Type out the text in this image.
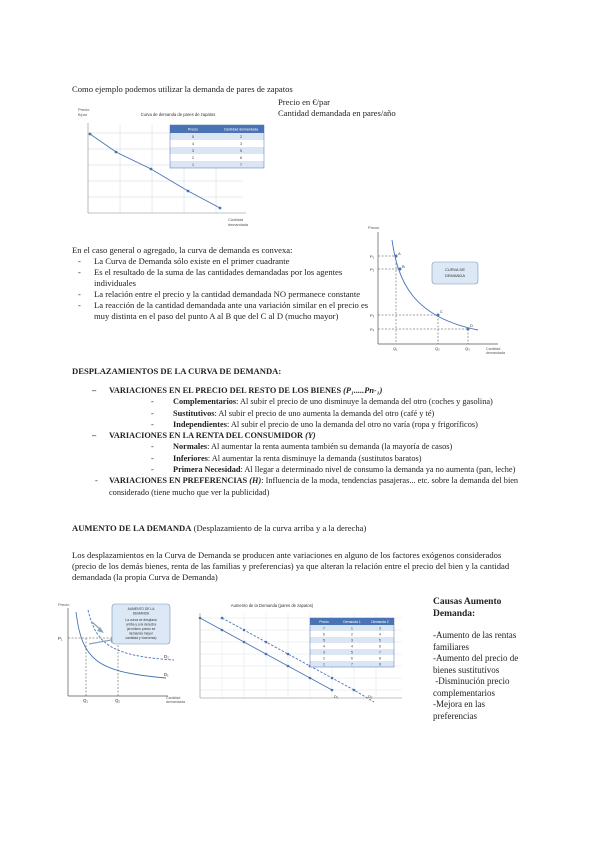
Como ejemplo podemos utilizar la demanda de pares de zapatos
Precio en €/par
Cantidad demandada en pares/año
Precio
€/par	Curva de demanda de pares de zapatos
Cantidad
demandada
Precio	Cantidad demandada
5	2
4	3
3	5
2	6
1	7
En el caso general o agregado, la curva de demanda es convexa:
- La Curva de Demanda sólo existe en el primer cuadrante
- Es el resultado de la suma de las cantidades demandadas por los agentes individuales
- La relación entre el precio y la cantidad demandada NO permanece constante
- La reacción de la cantidad demandada ante una variación similar en el precio es muy distinta en el paso del punto A al B que del C al D (mucho mayor)
Precio
A
B
C
D
P₁
P₂
P₃
P₄
Q₁	Q₂	Q₃
CURVA DE
DEMANDA
Cantidad
demandada
DESPLAZAMIENTOS DE LA CURVA DE DEMANDA:
– VARIACIONES EN EL PRECIO DEL RESTO DE LOS BIENES (P₁.....Pn-₁)
- Complementarios: Al subir el precio de uno disminuye la demanda del otro (coches y gasolina)
- Sustitutivos: Al subir el precio de uno aumenta la demanda del otro (café y té)
- Independientes: Al subir el precio de uno la demanda del otro no varía (ropa y frigoríficos)
– VARIACIONES EN LA RENTA DEL CONSUMIDOR (Y)
- Normales: Al aumentar la renta aumenta también su demanda (la mayoría de casos)
- Inferiores: Al aumentar la renta disminuye la demanda (sustitutos baratos)
- Primera Necesidad: Al llegar a determinado nivel de consumo la demanda ya no aumenta (pan, leche)
- VARIACIONES EN PREFERENCIAS (H): Influencia de la moda, tendencias pasajeras... etc. sobre la demanda del bien considerado (tiene mucho que ver la publicidad)
AUMENTO DE LA DEMANDA (Desplazamiento de la curva arriba y a la derecha)
Los desplazamientos en la Curva de Demanda se producen ante variaciones en alguno de los factores exógenos considerados (precio de los demás bienes, renta de las familias y preferencias) ya que alteran la relación entre el precio del bien y la cantidad demandada (la propia Curva de Demanda)
Precio
AUMENTO DE LA
DEMANDA
La curva se desplaza
arriba y a la derecha
(al mismo precio se
demanda mayor
cantidad y viceversa)
D₂
D₁
P₁
Q₁	Q₂	Cantidad
demandada
Aumento de la Demanda (pares de zapatos)
D₁	D₂
Precio	Demanda 1	Demanda 2
7	1	3
6	2	4
5	3	5
4	4	6
3	5	7
2	6	8
1	7	9
Causas Aumento Demanda:
-Aumento de las rentas familiares
-Aumento del precio de bienes sustitutivos
-Disminución precio complementarios
-Mejora en las preferencias
